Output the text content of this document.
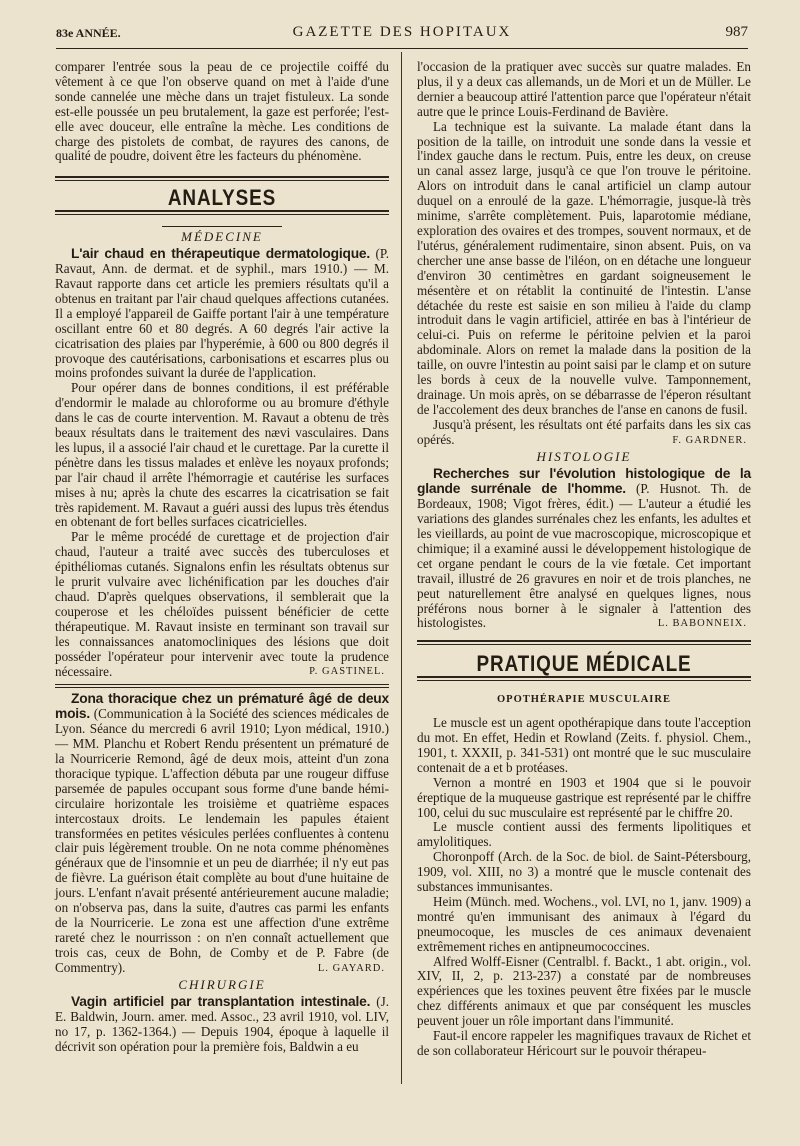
83e ANNÉE.	GAZETTE DES HOPITAUX	987

comparer l'entrée sous la peau de ce projectile coiffé du vêtement à ce que l'on observe quand on met à l'aide d'une sonde cannelée une mèche dans un trajet fistuleux. La sonde est-elle poussée un peu brutalement, la gaze est perforée; l'est-elle avec douceur, elle entraîne la mèche. Les conditions de charge des pistolets de combat, de rayures des canons, de qualité de poudre, doivent être les facteurs du phénomène.

ANALYSES
MÉDECINE

L'air chaud en thérapeutique dermatologique. (P. Ravaut, Ann. de dermat. et de syphil., mars 1910.) — M. Ravaut rapporte dans cet article les premiers résultats qu'il a obtenus en traitant par l'air chaud quelques affections cutanées. Il a employé l'appareil de Gaiffe portant l'air à une température oscillant entre 60 et 80 degrés. A 60 degrés l'air active la cicatrisation des plaies par l'hyperémie, à 600 ou 800 degrés il provoque des cautérisations, carbonisations et escarres plus ou moins profondes suivant la durée de l'application.

Pour opérer dans de bonnes conditions, il est préférable d'endormir le malade au chloroforme ou au bromure d'éthyle dans le cas de courte intervention. M. Ravaut a obtenu de très beaux résultats dans le traitement des nævi vasculaires. Dans les lupus, il a associé l'air chaud et le curettage. Par la curette il pénètre dans les tissus malades et enlève les noyaux profonds; par l'air chaud il arrête l'hémorragie et cautérise les surfaces mises à nu; après la chute des escarres la cicatrisation se fait très rapidement. M. Ravaut a guéri aussi des lupus très étendus en obtenant de fort belles surfaces cicatricielles.

Par le même procédé de curettage et de projection d'air chaud, l'auteur a traité avec succès des tuberculoses et épithéliomas cutanés. Signalons enfin les résultats obtenus sur le prurit vulvaire avec lichénification par les douches d'air chaud. D'après quelques observations, il semblerait que la couperose et les chéloïdes puissent bénéficier de cette thérapeutique. M. Ravaut insiste en terminant son travail sur les connaissances anatomocliniques des lésions que doit posséder l'opérateur pour intervenir avec toute la prudence nécessaire.	P. GASTINEL.

Zona thoracique chez un prématuré âgé de deux mois. (Communication à la Société des sciences médicales de Lyon. Séance du mercredi 6 avril 1910; Lyon médical, 1910.) — MM. Planchu et Robert Rendu présentent un prématuré de la Nourricerie Remond, âgé de deux mois, atteint d'un zona thoracique typique. L'affection débuta par une rougeur diffuse parsemée de papules occupant sous forme d'une bande hémi-circulaire horizontale les troisième et quatrième espaces intercostaux droits. Le lendemain les papules étaient transformées en petites vésicules perlées confluentes à contenu clair puis légèrement trouble. On ne nota comme phénomènes généraux que de l'insomnie et un peu de diarrhée; il n'y eut pas de fièvre. La guérison était complète au bout d'une huitaine de jours. L'enfant n'avait présenté antérieurement aucune maladie; on n'observa pas, dans la suite, d'autres cas parmi les enfants de la Nourricerie. Le zona est une affection d'une extrême rareté chez le nourrisson : on n'en connaît actuellement que trois cas, ceux de Bohn, de Comby et de P. Fabre (de Commentry).	L. GAYARD.
CHIRURGIE

Vagin artificiel par transplantation intestinale. (J. E. Baldwin, Journ. amer. med. Assoc., 23 avril 1910, vol. LIV, no 17, p. 1362-1364.) — Depuis 1904, époque à laquelle il décrivit son opération pour la première fois, Baldwin a eu

l'occasion de la pratiquer avec succès sur quatre malades. En plus, il y a deux cas allemands, un de Mori et un de Müller. Le dernier a beaucoup attiré l'attention parce que l'opérateur n'était autre que le prince Louis-Ferdinand de Bavière.

La technique est la suivante. La malade étant dans la position de la taille, on introduit une sonde dans la vessie et l'index gauche dans le rectum. Puis, entre les deux, on creuse un canal assez large, jusqu'à ce que l'on trouve le péritoine. Alors on introduit dans le canal artificiel un clamp autour duquel on a enroulé de la gaze. L'hémorragie, jusque-là très minime, s'arrête complètement. Puis, laparotomie médiane, exploration des ovaires et des trompes, souvent normaux, et de l'utérus, généralement rudimentaire, sinon absent. Puis, on va chercher une anse basse de l'iléon, on en détache une longueur d'environ 30 centimètres en gardant soigneusement le mésentère et on rétablit la continuité de l'intestin. L'anse détachée du reste est saisie en son milieu à l'aide du clamp introduit dans le vagin artificiel, attirée en bas à l'intérieur de celui-ci. Puis on referme le péritoine pelvien et la paroi abdominale. Alors on remet la malade dans la position de la taille, on ouvre l'intestin au point saisi par le clamp et on suture les bords à ceux de la nouvelle vulve. Tamponnement, drainage. Un mois après, on se débarrasse de l'éperon résultant de l'accolement des deux branches de l'anse en canons de fusil.

Jusqu'à présent, les résultats ont été parfaits dans les six cas opérés.	F. GARDNER.
HISTOLOGIE

Recherches sur l'évolution histologique de la glande surrénale de l'homme. (P. Husnot. Th. de Bordeaux, 1908; Vigot frères, édit.) — L'auteur a étudié les variations des glandes surrénales chez les enfants, les adultes et les vieillards, au point de vue macroscopique, microscopique et chimique; il a examiné aussi le développement histologique de cet organe pendant le cours de la vie fœtale. Cet important travail, illustré de 26 gravures en noir et de trois planches, ne peut naturellement être analysé en quelques lignes, nous préférons nous borner à le signaler à l'attention des histologistes.	L. BABONNEIX.
PRATIQUE MÉDICALE
OPOTHÉRAPIE MUSCULAIRE

Le muscle est un agent opothérapique dans toute l'acception du mot. En effet, Hedin et Rowland (Zeits. f. physiol. Chem., 1901, t. XXXII, p. 341-531) ont montré que le suc musculaire contenait de a et b protéases.

Vernon a montré en 1903 et 1904 que si le pouvoir éreptique de la muqueuse gastrique est représenté par le chiffre 100, celui du suc musculaire est représenté par le chiffre 20.

Le muscle contient aussi des ferments lipolitiques et amylolitiques.

Choronpoff (Arch. de la Soc. de biol. de Saint-Pétersbourg, 1909, vol. XIII, no 3) a montré que le muscle contenait des substances immunisantes.

Heim (Münch. med. Wochens., vol. LVI, no 1, janv. 1909) a montré qu'en immunisant des animaux à l'égard du pneumocoque, les muscles de ces animaux devenaient extrêmement riches en antipneumococcines.

Alfred Wolff-Eisner (Centralbl. f. Backt., 1 abt. origin., vol. XIV, II, 2, p. 213-237) a constaté par de nombreuses expériences que les toxines peuvent être fixées par le muscle chez différents animaux et que par conséquent les muscles peuvent jouer un rôle important dans l'immunité.

Faut-il encore rappeler les magnifiques travaux de Richet et de son collaborateur Héricourt sur le pouvoir thérapeu-
